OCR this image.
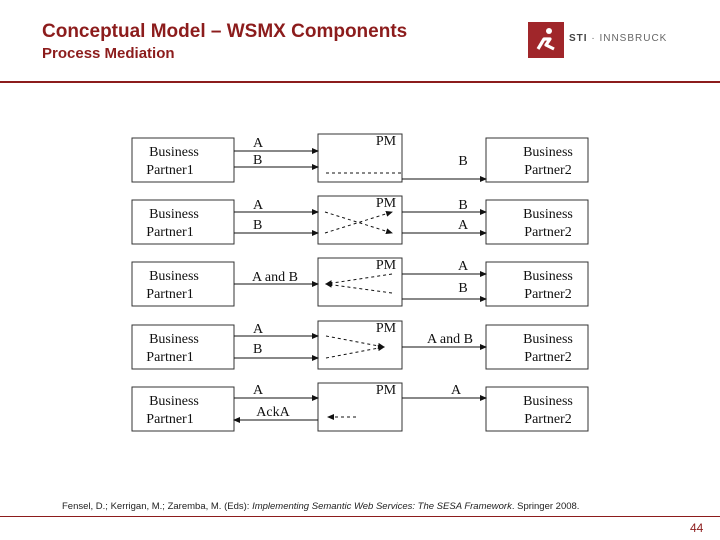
Conceptual Model – WSMX Components
Process Mediation
STI · INNSBRUCK
Business
Partner1
Business
Partner2
PM
Business
Partner1
Business
Partner2
PM
Business
Partner1
Business
Partner2
PM
Business
Partner1
Business
Partner2
PM
Business
Partner1
Business
Partner2
PM
A
B	B
A
B
B
A
A and B
A
B
A
B
A and B
A	A
AckA
Fensel, D.; Kerrigan, M.; Zaremba, M. (Eds): Implementing Semantic Web Services: The SESA Framework. Springer 2008.
44
